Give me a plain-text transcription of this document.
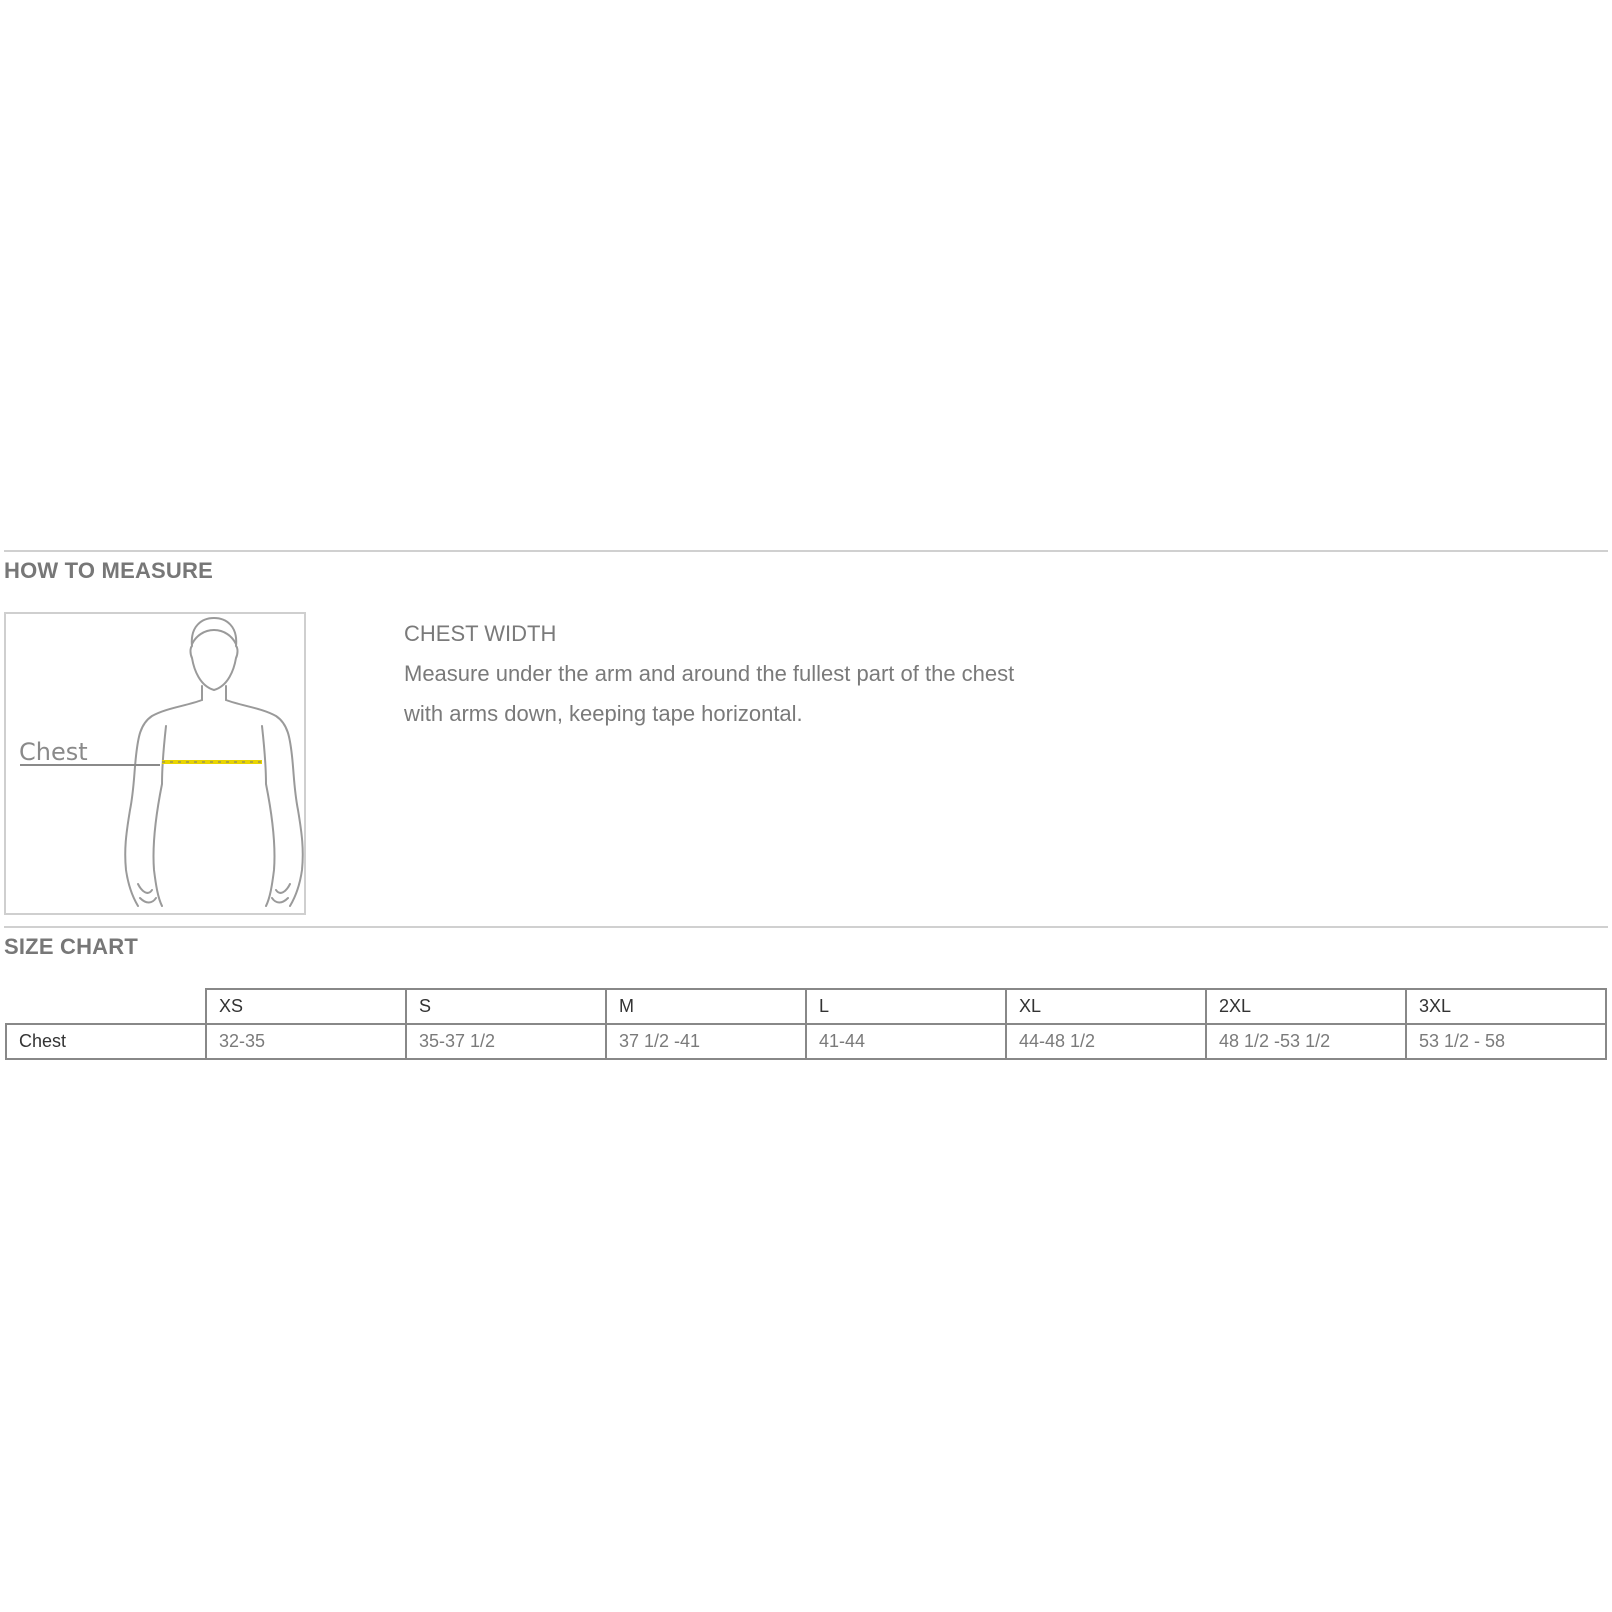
HOW TO MEASURE
Chest

CHEST WIDTH

Measure under the arm and around the fullest part of the chest

with arms down, keeping tape horizontal.

SIZE CHART
	XS	S	M	L	XL	2XL	3XL
Chest	32-35	35-37 1/2	37 1/2 -41	41-44	44-48 1/2	48 1/2 -53 1/2	53 1/2 - 58
